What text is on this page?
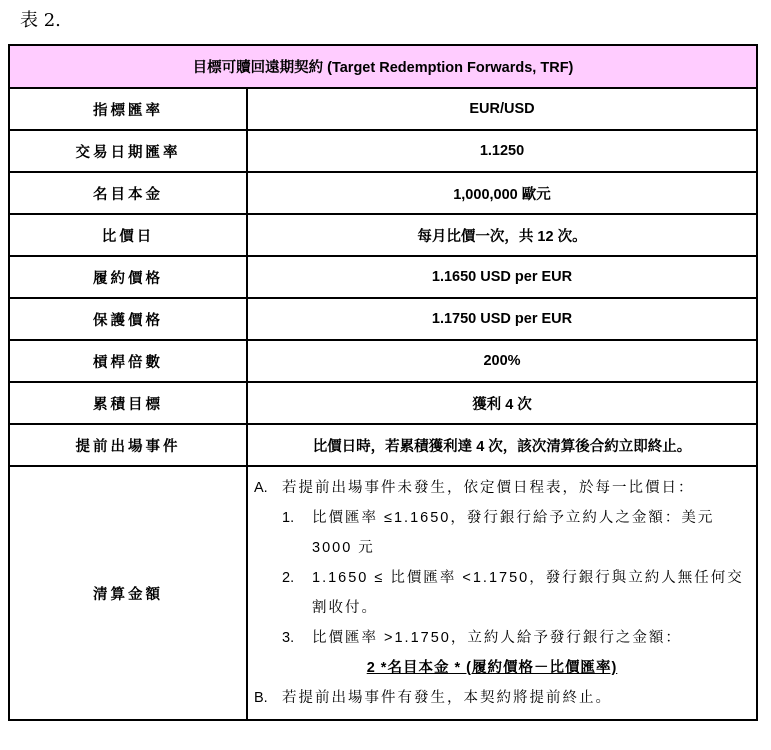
表 2.
目標可贖回遠期契約 (Target Redemption Forwards, TRF)	
指標匯率	EUR/USD
交易日期匯率	1.1250
名目本金	1,000,000 歐元
比價日	每月比價一次，共 12 次。
履約價格	1.1650 USD per EUR
保護價格	1.1750 USD per EUR
槓桿倍數	200%
累積目標	獲利 4 次
提前出場事件	比價日時，若累積獲利達 4 次，該次清算後合約立即終止。
清算金額	
A. 若提前出場事件未發生，依定價日程表，於每一比價日：
1.	比價匯率 ≤1.1650，發行銀行給予立約人之金額：美元
3000 元
2.	1.1650 ≤ 比價匯率 <1.1750，發行銀行與立約人無任何交
割收付。
3.	比價匯率 >1.1750，立約人給予發行銀行之金額：
2 *名目本金 * (履約價格－比價匯率)
B. 若提前出場事件有發生，本契約將提前終止。
